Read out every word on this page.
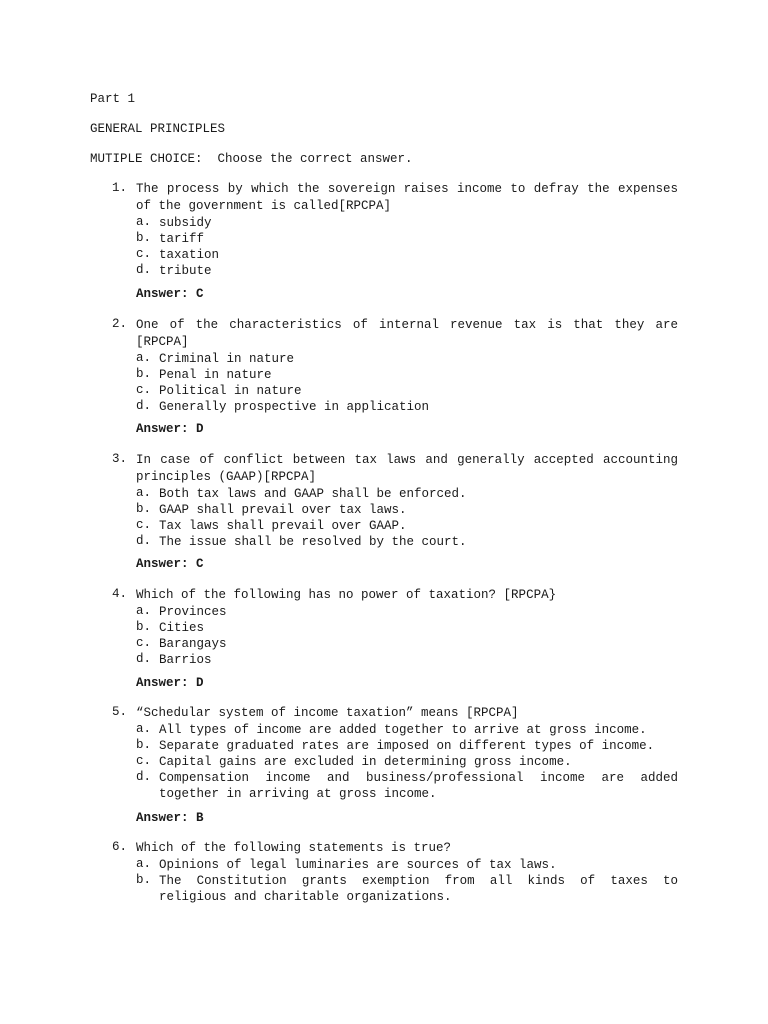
Part 1
GENERAL PRINCIPLES
MUTIPLE CHOICE:  Choose the correct answer.
1. The process by which the sovereign raises income to defray the expenses of the government is called[RPCPA]
a. subsidy
b. tariff
c. taxation
d. tribute
Answer: C
2. One of the characteristics of internal revenue tax is that they are [RPCPA]
a. Criminal in nature
b. Penal in nature
c. Political in nature
d. Generally prospective in application
Answer: D
3. In case of conflict between tax laws and generally accepted accounting principles (GAAP)[RPCPA]
a. Both tax laws and GAAP shall be enforced.
b. GAAP shall prevail over tax laws.
c. Tax laws shall prevail over GAAP.
d. The issue shall be resolved by the court.
Answer: C
4. Which of the following has no power of taxation? [RPCPA}
a. Provinces
b. Cities
c. Barangays
d. Barrios
Answer: D
5. “Schedular system of income taxation” means [RPCPA]
a. All types of income are added together to arrive at gross income.
b. Separate graduated rates are imposed on different types of income.
c. Capital gains are excluded in determining gross income.
d. Compensation income and business/professional income are added together in arriving at gross income.
Answer: B
6. Which of the following statements is true?
a. Opinions of legal luminaries are sources of tax laws.
b. The Constitution grants exemption from all kinds of taxes to religious and charitable organizations.
